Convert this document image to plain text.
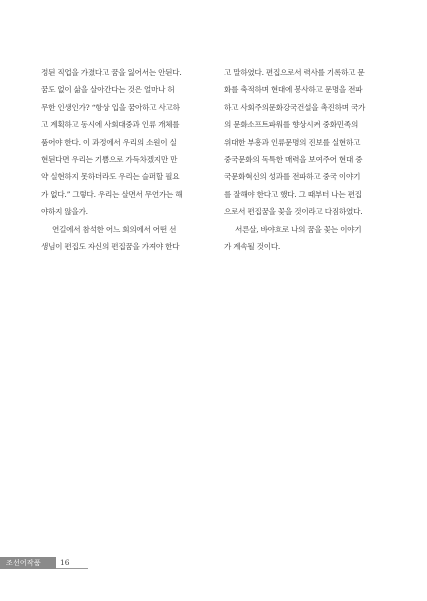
정된 직업을 가졌다고 꿈을 잃어서는 안된다.
꿈도 없이 삶을 살아간다는 것은 얼마나 허
무한 인생인가? “항상 입을 꿈아하고 사고하
고 계획하고 동시에 사회대중과 인류 개체를
품어야 한다. 이 과정에서 우리의 소원이 실
현된다면 우리는 기쁨으로 가득차겠지만 만
약 실현하지 못하더라도 우리는 슬퍼할 필요
가 없다.” 그렇다. 우리는 살면서 무언가는 해
야하지 않을가.
연길에서 참석한 어느 회의에서 어떤 선
생님이 편집도 자신의 편집꿈을 가져야 한다
고 말하였다. 편집으로서 력사를 기록하고 문
화를 축적하며 현대에 봉사하고 문명을 전파
하고 사회주의문화강국건설을 촉진하며 국가
의 문화소프트파워를 향상시켜 중화민족의
위대한 부흥과 인류문명의 진보를 실현하고
중국문화의 독특한 매력을 보여주어 현대 중
국문화혁신의 성과를 전파하고 중국 이야기
를 잘해야 한다고 했다. 그 때부터 나는 편집
으로서 편집꿈을 꽃을 것이라고 다짐하였다.
서른살, 바야흐로 나의 꿈을 꽃는 이야기
가 계속될 것이다.
조선어작품	16
